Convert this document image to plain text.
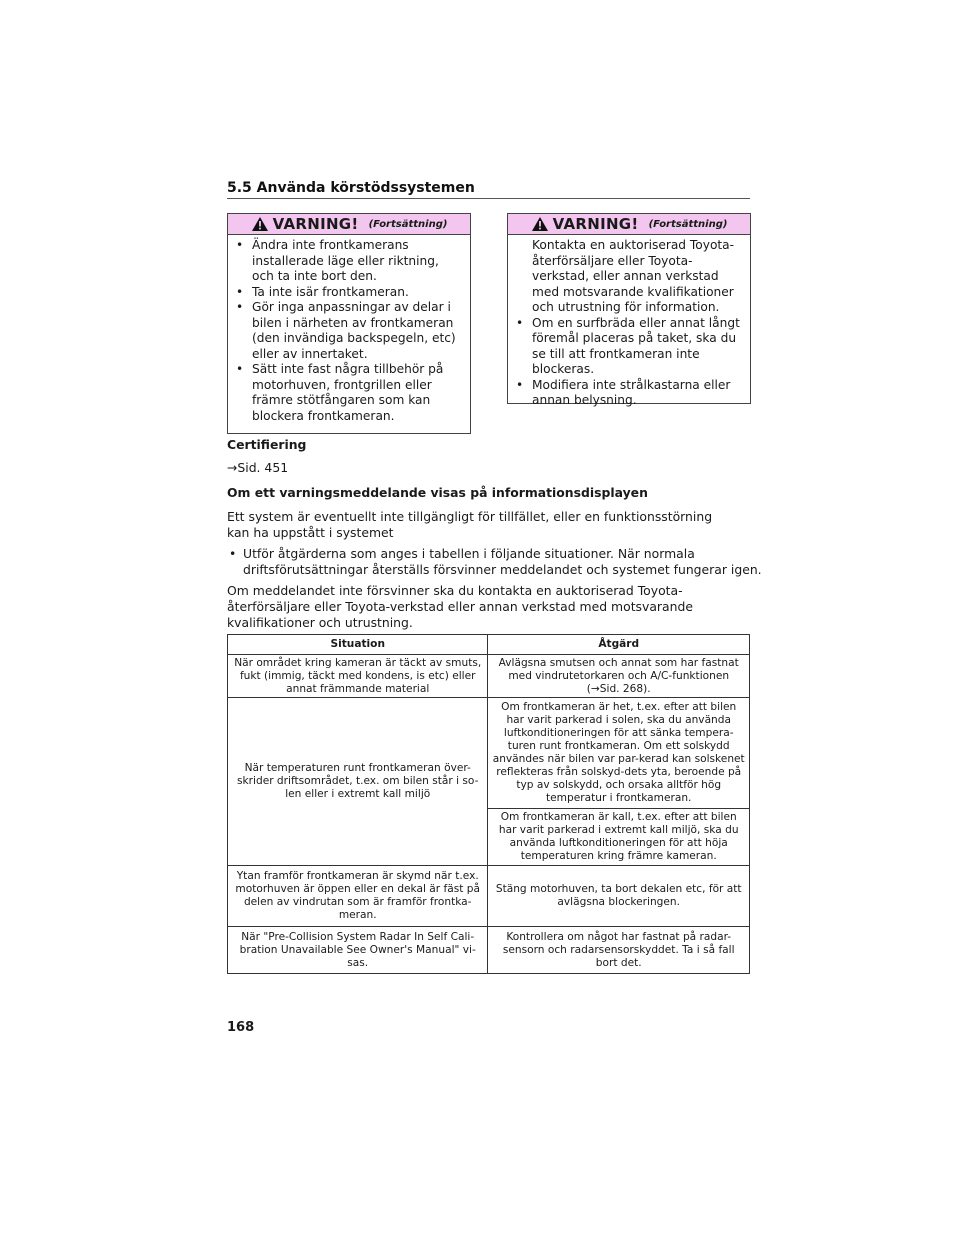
5.5 Använda körstödssystemen
VARNING! (Fortsättning)
• Ändra inte frontkamerans installerade läge eller riktning, och ta inte bort den.
• Ta inte isär frontkameran.
• Gör inga anpassningar av delar i bilen i närheten av frontkameran (den invändiga backspegeln, etc) eller av innertaket.
• Sätt inte fast några tillbehör på motorhuven, frontgrillen eller främre stötfångaren som kan blockera frontkameran.
VARNING! (Fortsättning)
Kontakta en auktoriserad Toyota-återförsäljare eller Toyota-verkstad, eller annan verkstad med motsvarande kvalifikationer och utrustning för information.
• Om en surfbräda eller annat långt föremål placeras på taket, ska du se till att frontkameran inte blockeras.
• Modifiera inte strålkastarna eller annan belysning.
Certifiering
→Sid. 451
Om ett varningsmeddelande visas på informationsdisplayen
Ett system är eventuellt inte tillgängligt för tillfället, eller en funktionsstörning kan ha uppstått i systemet
• Utför åtgärderna som anges i tabellen i följande situationer. När normala driftsförutsättningar återställs försvinner meddelandet och systemet fungerar igen.
Om meddelandet inte försvinner ska du kontakta en auktoriserad Toyota-återförsäljare eller Toyota-verkstad eller annan verkstad med motsvarande kvalifikationer och utrustning.
Situation	Åtgärd
När området kring kameran är täckt av smuts, fukt (immig, täckt med kondens, is etc) eller annat främmande material	Avlägsna smutsen och annat som har fastnat med vindrutetorkaren och A/C-funktionen (→Sid. 268).
När temperaturen runt frontkameran över-skrider driftsområdet, t.ex. om bilen står i so-len eller i extremt kall miljö	Om frontkameran är het, t.ex. efter att bilen har varit parkerad i solen, ska du använda luftkonditioneringen för att sänka tempera-turen runt frontkameran. Om ett solskydd användes när bilen var par-kerad kan solskenet reflekteras från solskyd-dets yta, beroende på typ av solskydd, och orsaka alltför hög temperatur i frontkameran.
	Om frontkameran är kall, t.ex. efter att bilen har varit parkerad i extremt kall miljö, ska du använda luftkonditioneringen för att höja temperaturen kring främre kameran.
Ytan framför frontkameran är skymd när t.ex. motorhuven är öppen eller en dekal är fäst på delen av vindrutan som är framför frontka-meran.	Stäng motorhuven, ta bort dekalen etc, för att avlägsna blockeringen.
När "Pre-Collision System Radar In Self Cali-bration Unavailable See Owner's Manual" vi-sas.	Kontrollera om något har fastnat på radar-sensorn och radarsensorskyddet. Ta i så fall bort det.
168
